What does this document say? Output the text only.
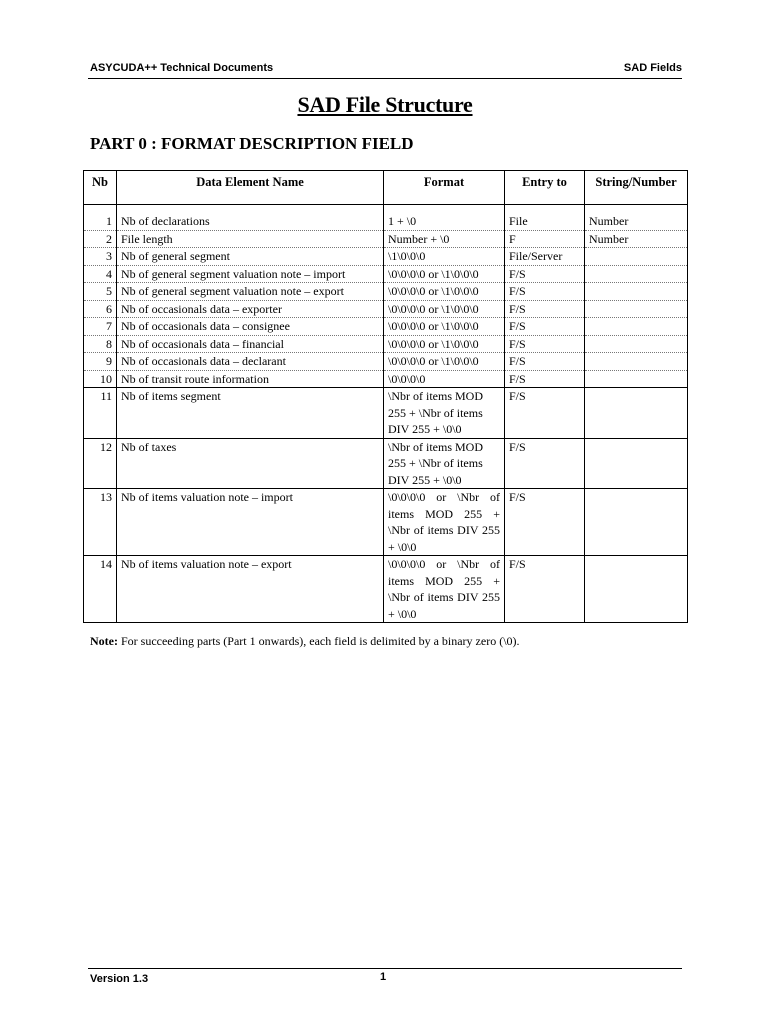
ASYCUDA++ Technical Documents	SAD Fields
SAD File Structure
PART 0 : FORMAT DESCRIPTION FIELD
Nb	Data Element Name	Format	Entry to	String/Number

1	Nb of declarations	1 + \0	File	Number
2	File length	Number + \0	F	Number
3	Nb of general segment	\1\0\0\0	File/Server	
4	Nb of general segment valuation note – import	\0\0\0\0 or \1\0\0\0	F/S	
5	Nb of general segment valuation note – export	\0\0\0\0 or \1\0\0\0	F/S	
6	Nb of occasionals data – exporter	\0\0\0\0 or \1\0\0\0	F/S	
7	Nb of occasionals data – consignee	\0\0\0\0 or \1\0\0\0	F/S	
8	Nb of occasionals data – financial	\0\0\0\0 or \1\0\0\0	F/S	
9	Nb of occasionals data – declarant	\0\0\0\0 or \1\0\0\0	F/S	
10	Nb of transit route information	\0\0\0\0	F/S	
11	Nb of items segment	\Nbr of items MOD 255 + \Nbr of items DIV 255 + \0\0	F/S	
12	Nb of taxes	\Nbr of items MOD 255 + \Nbr of items DIV 255 + \0\0	F/S	
13	Nb of items valuation note – import	\0\0\0\0 or \Nbr of items MOD 255 + \Nbr of items DIV 255 + \0\0	F/S	
14	Nb of items valuation note – export	\0\0\0\0 or \Nbr of items MOD 255 + \Nbr of items DIV 255 + \0\0	F/S	
Note: For succeeding parts (Part 1 onwards), each field is delimited by a binary zero (\0).
Version 1.3	1
